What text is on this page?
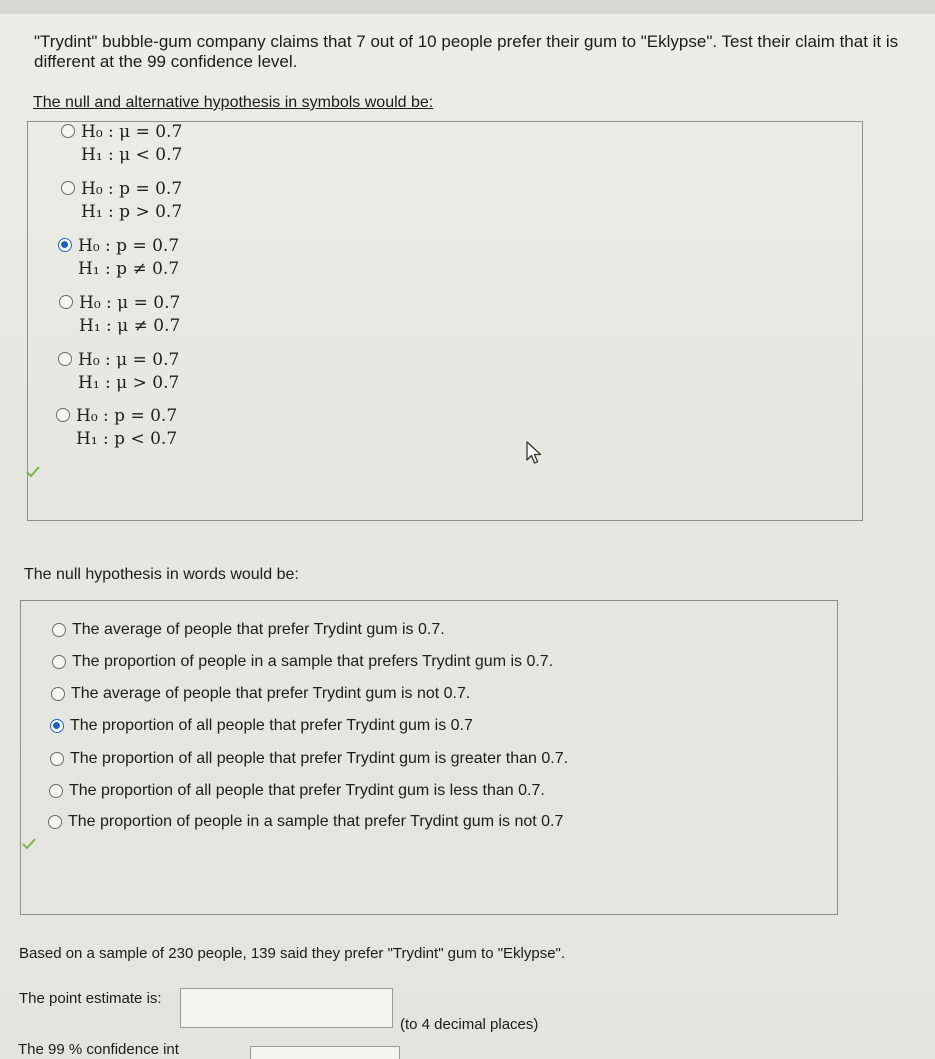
"Trydint" bubble-gum company claims that 7 out of 10 people prefer their gum to "Eklypse". Test their claim that it is different at the 99 confidence level.
The null and alternative hypothesis in symbols would be:
H₀ : μ = 0.7
H₁ : μ < 0.7
H₀ : p = 0.7
H₁ : p > 0.7
H₀ : p = 0.7
H₁ : p ≠ 0.7
H₀ : μ = 0.7
H₁ : μ ≠ 0.7
H₀ : μ = 0.7
H₁ : μ > 0.7
H₀ : p = 0.7
H₁ : p < 0.7
The null hypothesis in words would be:
The average of people that prefer Trydint gum is 0.7.
The proportion of people in a sample that prefers Trydint gum is 0.7.
The average of people that prefer Trydint gum is not 0.7.
The proportion of all people that prefer Trydint gum is 0.7
The proportion of all people that prefer Trydint gum is greater than 0.7.
The proportion of all people that prefer Trydint gum is less than 0.7.
The proportion of people in a sample that prefer Trydint gum is not 0.7
Based on a sample of 230 people, 139 said they prefer "Trydint" gum to "Eklypse".
The point estimate is:
(to 4 decimal places)
The 99 % confidence int
